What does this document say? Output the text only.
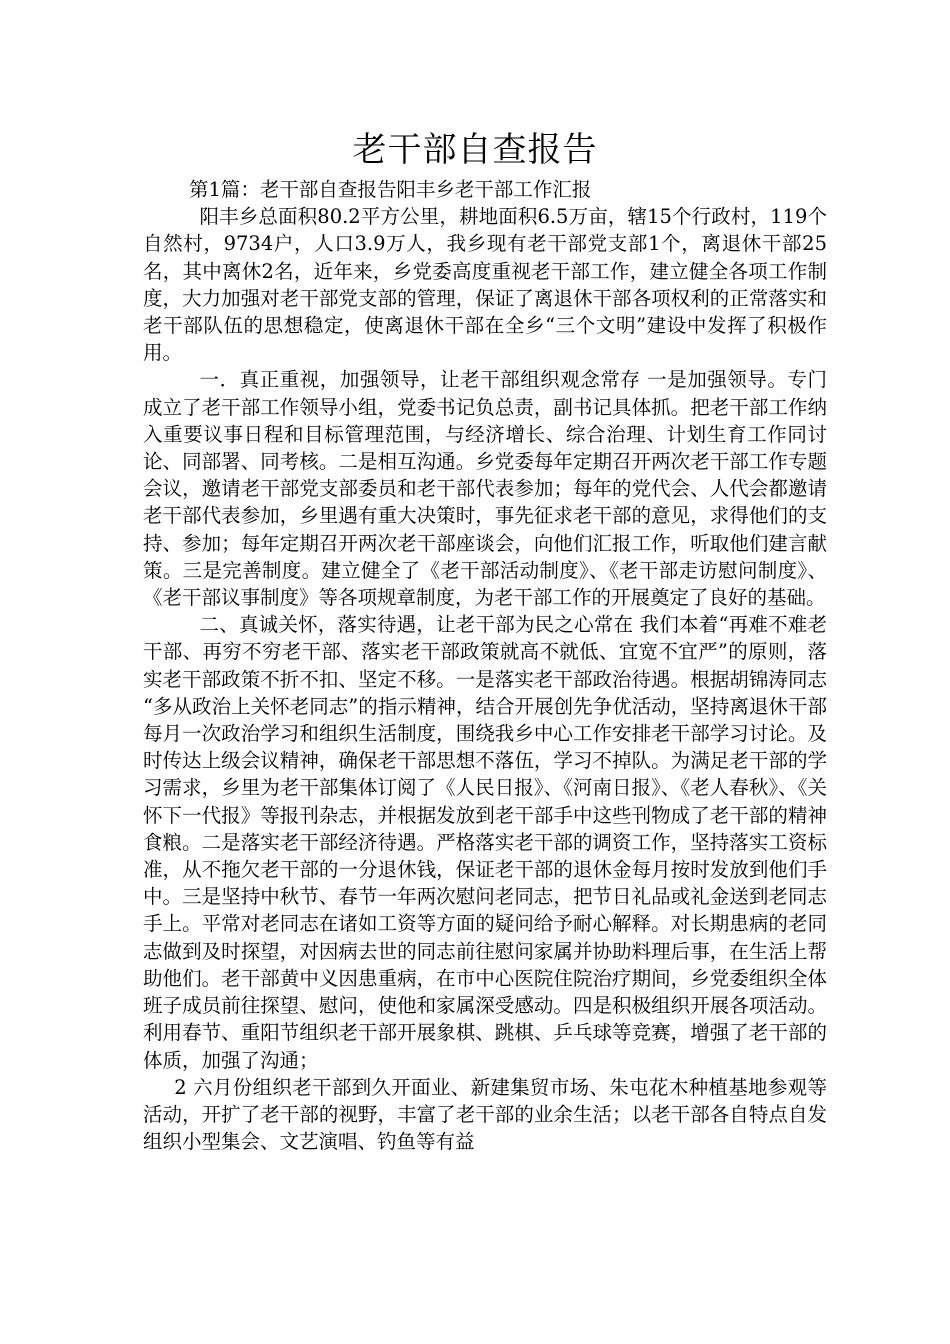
老干部自查报告
第1篇：老干部自查报告阳丰乡老干部工作汇报

阳丰乡总面积80.2平方公里，耕地面积6.5万亩，辖15个行政村，119个自然村，9734户，人口3.9万人，我乡现有老干部党支部1个，离退休干部25名，其中离休2名，近年来，乡党委高度重视老干部工作，建立健全各项工作制度，大力加强对老干部党支部的管理，保证了离退休干部各项权利的正常落实和老干部队伍的思想稳定，使离退休干部在全乡“三个文明”建设中发挥了积极作用。

一．真正重视，加强领导，让老干部组织观念常存 一是加强领导。专门成立了老干部工作领导小组，党委书记负总责，副书记具体抓。把老干部工作纳入重要议事日程和目标管理范围，与经济增长、综合治理、计划生育工作同讨论、同部署、同考核。二是相互沟通。乡党委每年定期召开两次老干部工作专题会议，邀请老干部党支部委员和老干部代表参加；每年的党代会、人代会都邀请老干部代表参加，乡里遇有重大决策时，事先征求老干部的意见，求得他们的支持、参加；每年定期召开两次老干部座谈会，向他们汇报工作，听取他们建言献策。三是完善制度。建立健全了《老干部活动制度》、《老干部走访慰问制度》、《老干部议事制度》等各项规章制度，为老干部工作的开展奠定了良好的基础。

二、真诚关怀，落实待遇，让老干部为民之心常在 我们本着“再难不难老干部、再穷不穷老干部、落实老干部政策就高不就低、宜宽不宜严”的原则，落实老干部政策不折不扣、坚定不移。一是落实老干部政治待遇。根据胡锦涛同志 “多从政治上关怀老同志”的指示精神，结合开展创先争优活动，坚持离退休干部每月一次政治学习和组织生活制度，围绕我乡中心工作安排老干部学习讨论。及时传达上级会议精神，确保老干部思想不落伍，学习不掉队。为满足老干部的学习需求，乡里为老干部集体订阅了《人民日报》、《河南日报》、《老人春秋》、《关怀下一代报》等报刊杂志，并根据发放到老干部手中这些刊物成了老干部的精神食粮。二是落实老干部经济待遇。严格落实老干部的调资工作，坚持落实工资标准，从不拖欠老干部的一分退休钱，保证老干部的退休金每月按时发放到他们手中。三是坚持中秋节、春节一年两次慰问老同志，把节日礼品或礼金送到老同志手上。平常对老同志在诸如工资等方面的疑问给予耐心解释。对长期患病的老同志做到及时探望，对因病去世的同志前往慰问家属并协助料理后事，在生活上帮助他们。老干部黄中义因患重病，在市中心医院住院治疗期间，乡党委组织全体班子成员前往探望、慰问，使他和家属深受感动。四是积极组织开展各项活动。利用春节、重阳节组织老干部开展象棋、跳棋、乒乓球等竞赛，增强了老干部的体质，加强了沟通；

2 六月份组织老干部到久开面业、新建集贸市场、朱屯花木种植基地参观等活动，开扩了老干部的视野，丰富了老干部的业余生活；以老干部各自特点自发组织小型集会、文艺演唱、钓鱼等有益
